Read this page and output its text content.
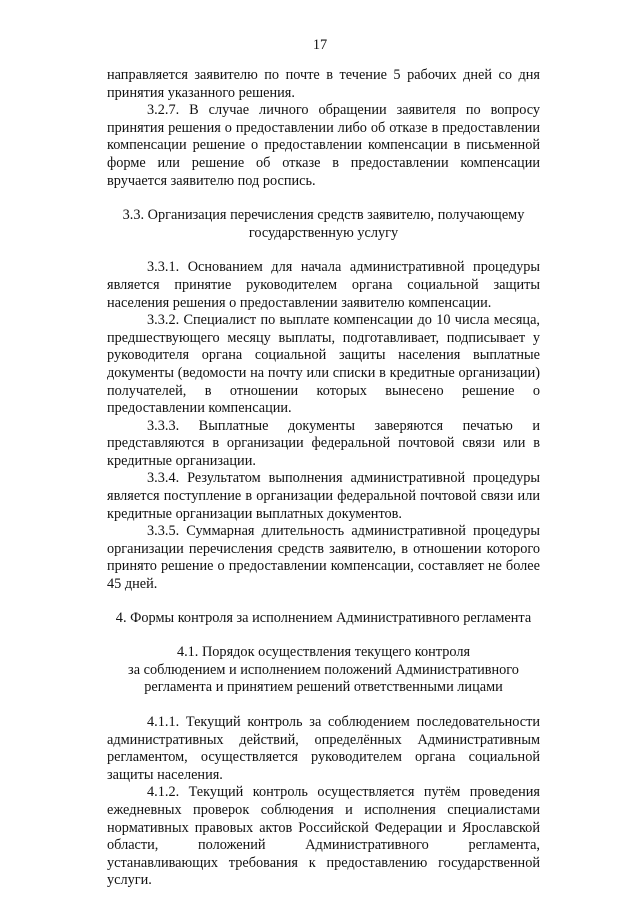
17

направляется заявителю по почте в течение 5 рабочих дней со дня принятия указанного решения.

3.2.7. В случае личного обращении заявителя по вопросу принятия решения о предоставлении либо об отказе в предоставлении компенсации решение о предоставлении компенсации в письменной форме или решение об отказе в предоставлении компенсации вручается заявителю под роспись.

3.3. Организация перечисления средств заявителю, получающему государственную услугу

3.3.1. Основанием для начала административной процедуры является принятие руководителем органа социальной защиты населения решения о предоставлении заявителю компенсации.

3.3.2. Специалист по выплате компенсации до 10 числа месяца, предшествующего месяцу выплаты, подготавливает, подписывает у руководителя органа социальной защиты населения выплатные документы (ведомости на почту или списки в кредитные организации) получателей, в отношении которых вынесено решение о предоставлении компенсации.

3.3.3. Выплатные документы заверяются печатью и представляются в организации федеральной почтовой связи или в кредитные организации.

3.3.4. Результатом выполнения административной процедуры является поступление в организации федеральной почтовой связи или кредитные организации выплатных документов.

3.3.5. Суммарная длительность административной процедуры организации перечисления средств заявителю, в отношении которого принято решение о предоставлении компенсации, составляет не более 45 дней.

4. Формы контроля за исполнением Административного регламента

4.1. Порядок осуществления текущего контроля

за соблюдением и исполнением положений Административного регламента и принятием решений ответственными лицами

4.1.1. Текущий контроль за соблюдением последовательности административных действий, определённых Административным регламентом, осуществляется руководителем органа социальной защиты населения.

4.1.2. Текущий контроль осуществляется путём проведения ежедневных проверок соблюдения и исполнения специалистами нормативных правовых актов Российской Федерации и Ярославской области, положений Административного регламента, устанавливающих требования к предоставлению государственной услуги.
